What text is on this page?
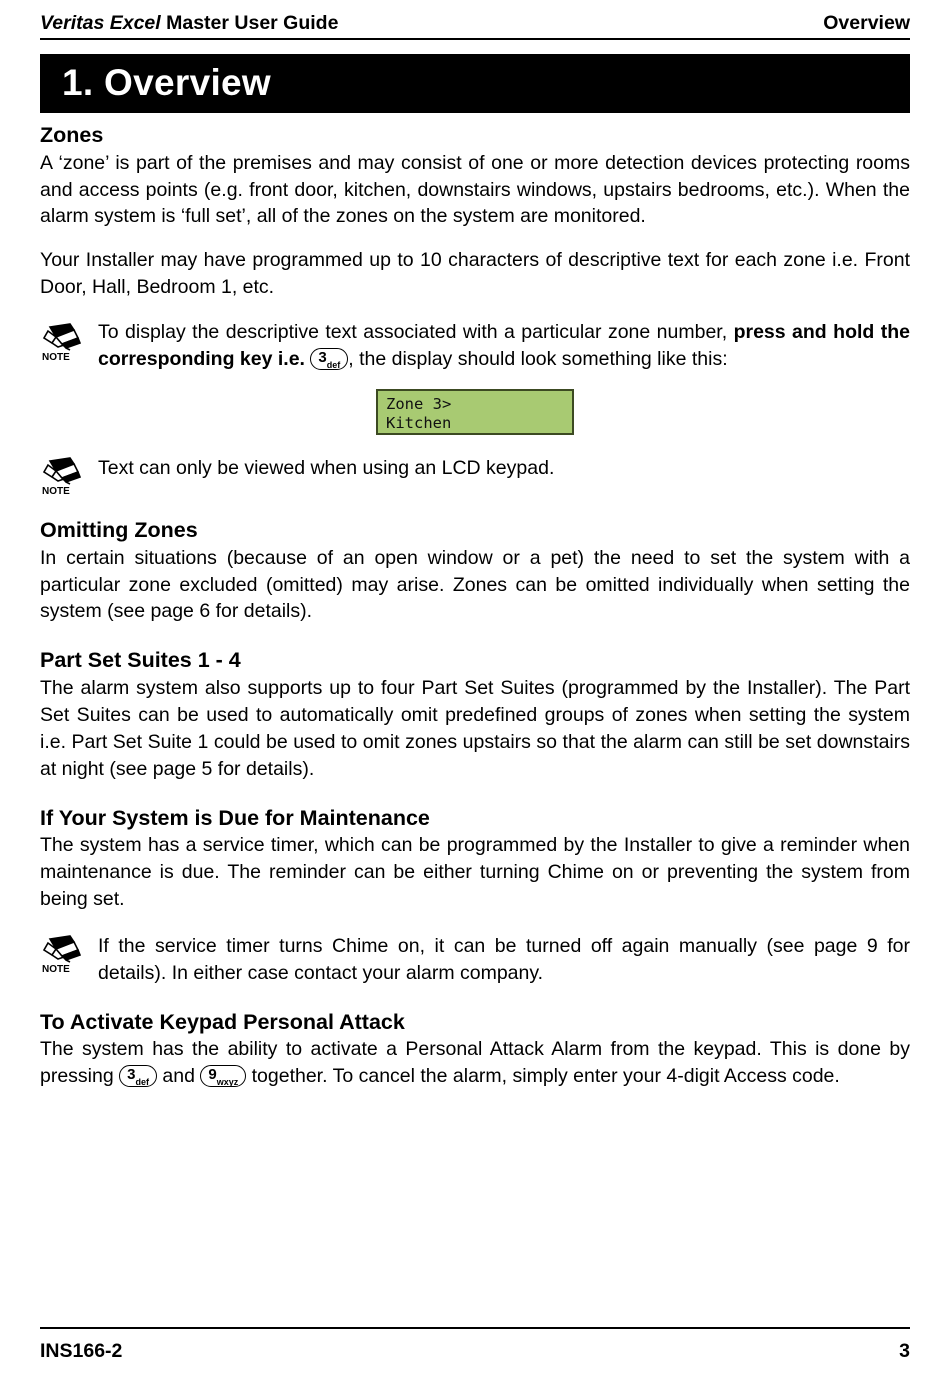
Veritas Excel Master User Guide	Overview
1. Overview
Zones

A ‘zone’ is part of the premises and may consist of one or more detection devices protecting rooms and access points (e.g. front door, kitchen, downstairs windows, upstairs bedrooms, etc.). When the alarm system is ‘full set’, all of the zones on the system are monitored.

Your Installer may have programmed up to 10 characters of descriptive text for each zone i.e. Front Door, Hall, Bedroom 1, etc.

NOTE
To display the descriptive text associated with a particular zone number, press and hold the corresponding key i.e. $3_{def}$ , the display should look something like this:
Zone 3>
Kitchen
NOTE
Text can only be viewed when using an LCD keypad.
Omitting Zones

In certain situations (because of an open window or a pet) the need to set the system with a particular zone excluded (omitted) may arise. Zones can be omitted individually when setting the system (see page 6 for details).

Part Set Suites 1 - 4

The alarm system also supports up to four Part Set Suites (programmed by the Installer). The Part Set Suites can be used to automatically omit predefined groups of zones when setting the system i.e. Part Set Suite 1 could be used to omit zones upstairs so that the alarm can still be set downstairs at night (see page 5 for details).

If Your System is Due for Maintenance

The system has a service timer, which can be programmed by the Installer to give a reminder when maintenance is due. The reminder can be either turning Chime on or preventing the system from being set.

NOTE
If the service timer turns Chime on, it can be turned off again manually (see page 9 for details). In either case contact your alarm company.
To Activate Keypad Personal Attack

The system has the ability to activate a Personal Attack Alarm from the keypad. This is done by pressing $3_{def}$ and $9_{wxyz}$ together. To cancel the alarm, simply enter your 4-digit Access code.

INS166-2	3
